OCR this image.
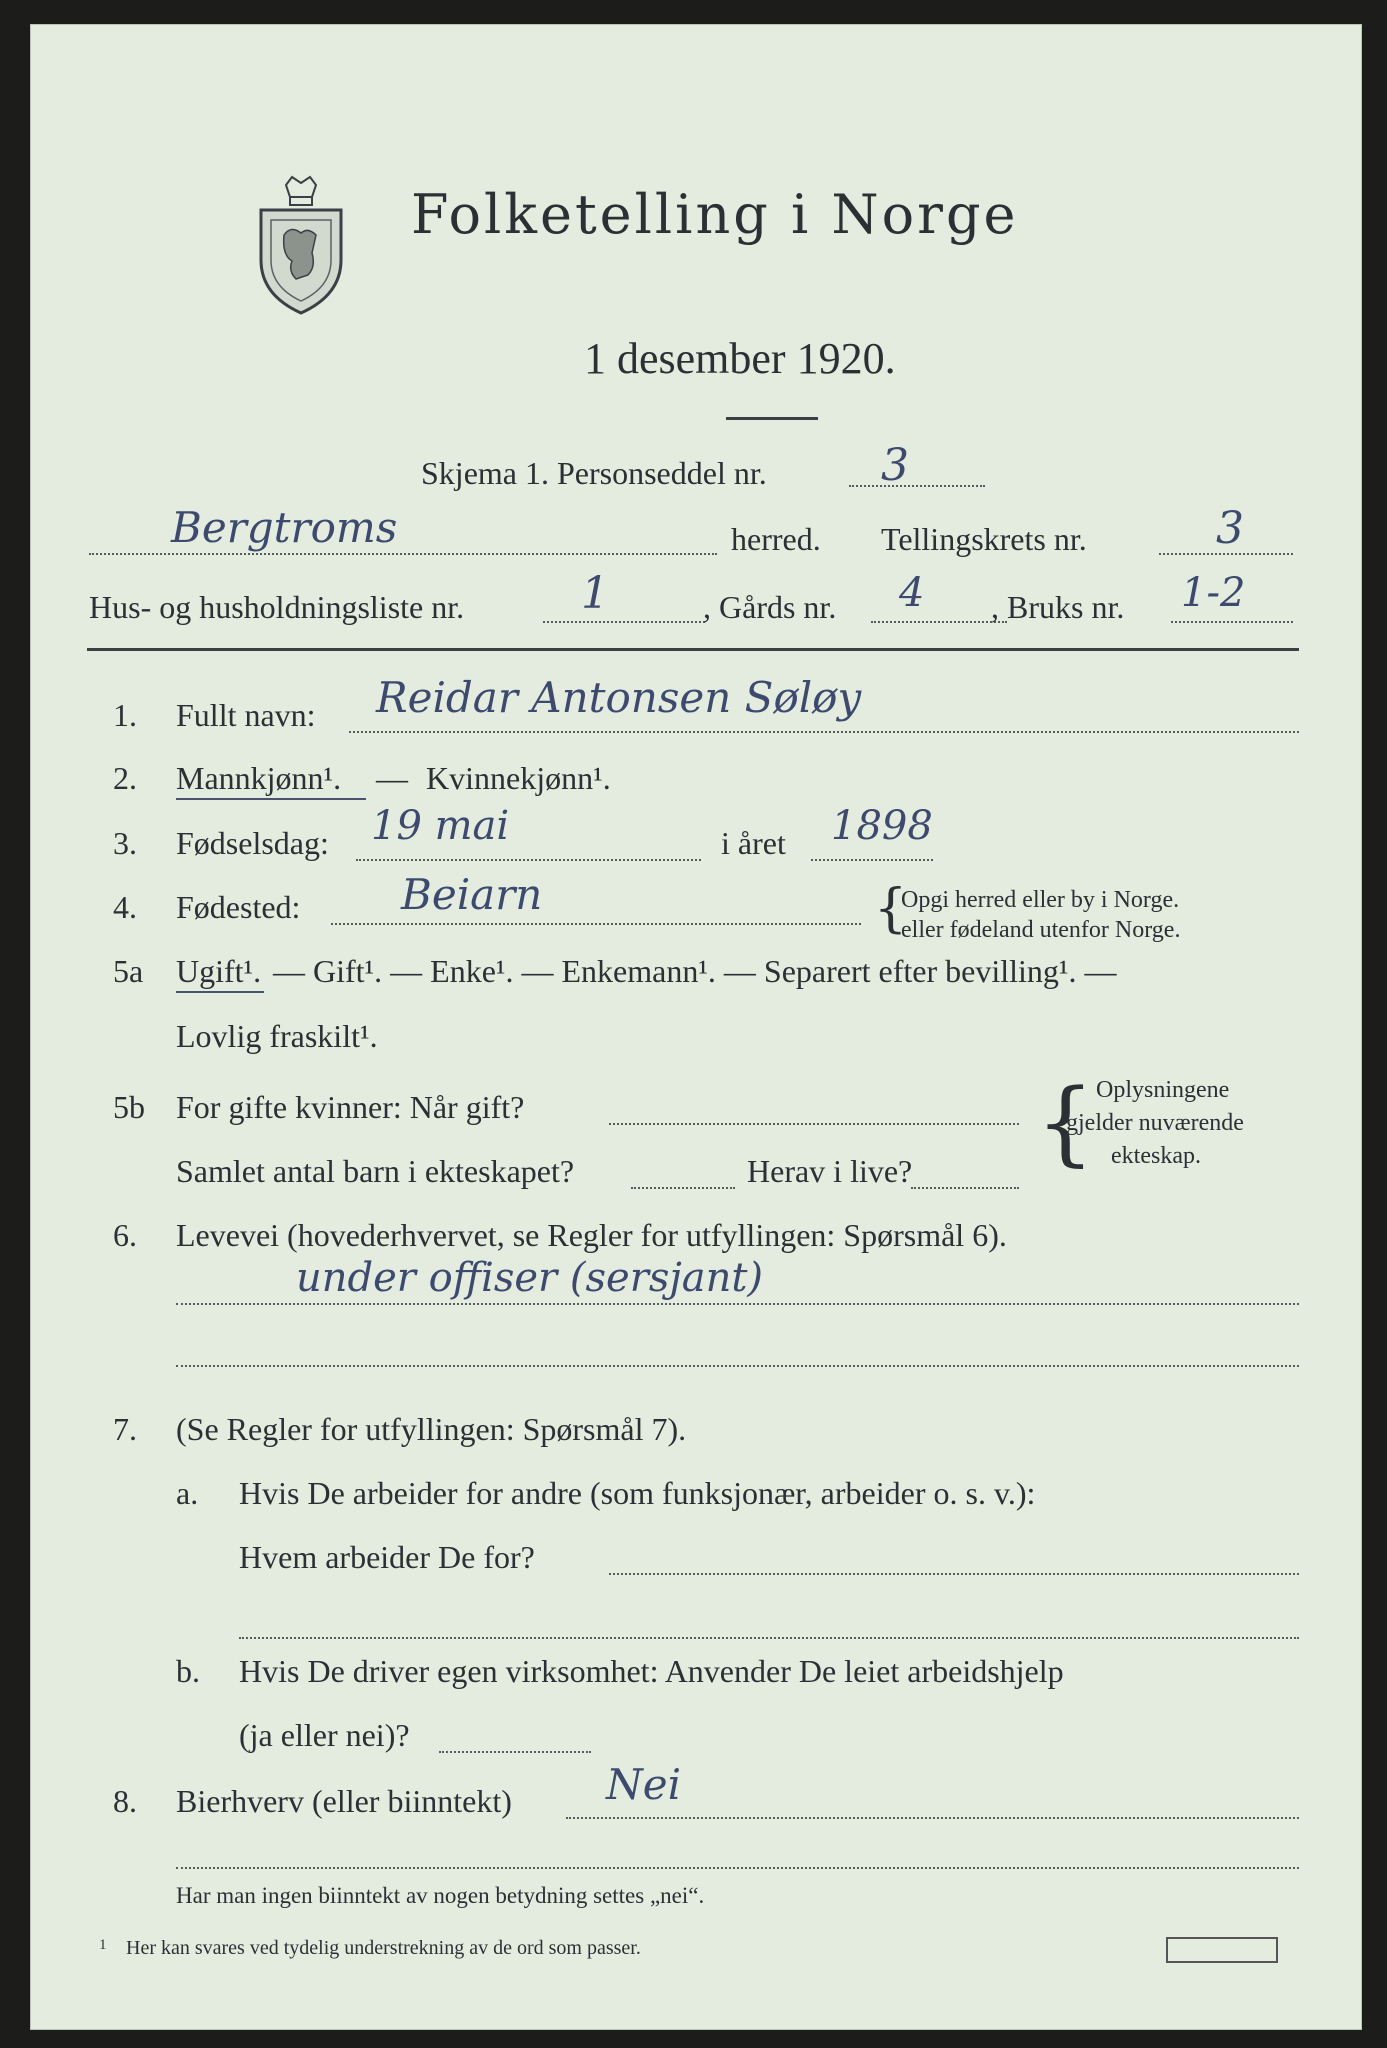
Folketelling i Norge
1 desember 1920.
Skjema 1. Personseddel nr.	3
Bergtroms	herred. Tellingskrets nr.	3
Hus- og husholdningsliste nr.	1	, Gårds nr. 4 , Bruks nr. 1-2
1. Fullt navn: Reidar Antonsen Søløy
2. Mannkjønn¹. — Kvinnekjønn¹.
3. Fødselsdag: 19 mai	i året 1898
4. Fødested: Beiarn	{
Opgi herred eller by i Norge.
eller fødeland utenfor Norge.
5a Ugift¹. — Gift¹. — Enke¹. — Enkemann¹. — Separert efter bevilling¹. —
Lovlig fraskilt¹.
5b For gifte kvinner: Når gift?
Samlet antal barn i ekteskapet?	Herav i live? { Oplysningene
gjelder nuværende
ekteskap.
6. Levevei (hovederhvervet, se Regler for utfyllingen: Spørsmål 6).
under offiser (sersjant)
7. (Se Regler for utfyllingen: Spørsmål 7).
a. Hvis De arbeider for andre (som funksjonær, arbeider o. s. v.):
Hvem arbeider De for?
b. Hvis De driver egen virksomhet: Anvender De leiet arbeidshjelp
(ja eller nei)?
8. Bierhverv (eller biinntekt) Nei
Har man ingen biinntekt av nogen betydning settes „nei“.
1 Her kan svares ved tydelig understrekning av de ord som passer.
